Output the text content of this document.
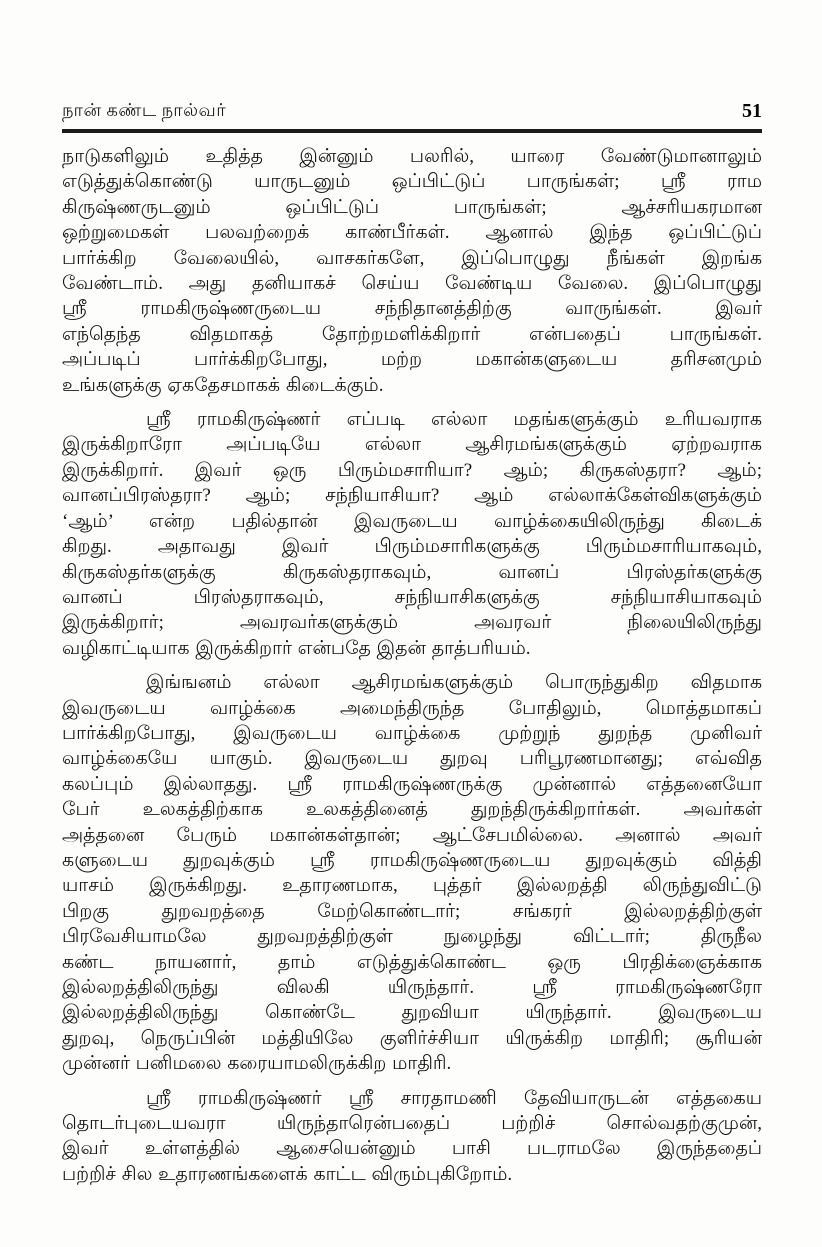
நான் கண்ட நால்வர்	51
நாடுகளிலும் உதித்த இன்னும் பலரில், யாரை வேண்டுமானாலும்
எடுத்துக்கொண்டு யாருடனும் ஒப்பிட்டுப் பாருங்கள்; ஸ்ரீ ராம
கிருஷ்ணருடனும் ஒப்பிட்டுப் பாருங்கள்; ஆச்சரியகரமான
ஒற்றுமைகள் பலவற்றைக் காண்பீர்கள். ஆனால் இந்த ஒப்பிட்டுப்
பார்க்கிற வேலையில், வாசகர்களே, இப்பொழுது நீங்கள் இறங்க
வேண்டாம். அது தனியாகச் செய்ய வேண்டிய வேலை. இப்பொழுது
ஸ்ரீ ராமகிருஷ்ணருடைய சந்நிதானத்திற்கு வாருங்கள். இவர்
எந்தெந்த விதமாகத் தோற்றமளிக்கிறார் என்பதைப் பாருங்கள்.
அப்படிப் பார்க்கிறபோது, மற்ற மகான்களுடைய தரிசனமும்
உங்களுக்கு ஏகதேசமாகக் கிடைக்கும்.
ஸ்ரீ ராமகிருஷ்ணர் எப்படி எல்லா மதங்களுக்கும் உரியவராக
இருக்கிறாரோ அப்படியே எல்லா ஆசிரமங்களுக்கும் ஏற்றவராக
இருக்கிறார். இவர் ஒரு பிரும்மசாரியா? ஆம்; கிருகஸ்தரா? ஆம்;
வானப்பிரஸ்தரா? ஆம்; சந்நியாசியா? ஆம் எல்லாக்கேள்விகளுக்கும்
‘ஆம்’ என்ற பதில்தான் இவருடைய வாழ்க்கையிலிருந்து கிடைக்
கிறது. அதாவது இவர் பிரும்மசாரிகளுக்கு பிரும்மசாரியாகவும்,
கிருகஸ்தர்களுக்கு கிருகஸ்தராகவும், வானப் பிரஸ்தர்களுக்கு
வானப் பிரஸ்தராகவும், சந்நியாசிகளுக்கு சந்நியாசியாகவும்
இருக்கிறார்; அவரவர்களுக்கும் அவரவர் நிலையிலிருந்து
வழிகாட்டியாக இருக்கிறார் என்பதே இதன் தாத்பரியம்.
இங்ஙனம் எல்லா ஆசிரமங்களுக்கும் பொருந்துகிற விதமாக
இவருடைய வாழ்க்கை அமைந்திருந்த போதிலும், மொத்தமாகப்
பார்க்கிறபோது, இவருடைய வாழ்க்கை முற்றுந் துறந்த முனிவர்
வாழ்க்கையே யாகும். இவருடைய துறவு பரிபூரணமானது; எவ்வித
கலப்பும் இல்லாதது. ஸ்ரீ ராமகிருஷ்ணருக்கு முன்னால் எத்தனையோ
பேர் உலகத்திற்காக உலகத்தினைத் துறந்திருக்கிறார்கள். அவர்கள்
அத்தனை பேரும் மகான்கள்தான்; ஆட்சேபமில்லை. அனால் அவர்
களுடைய துறவுக்கும் ஸ்ரீ ராமகிருஷ்ணருடைய துறவுக்கும் வித்தி
யாசம் இருக்கிறது. உதாரணமாக, புத்தர் இல்லறத்தி லிருந்துவிட்டு
பிறகு துறவறத்தை மேற்கொண்டார்; சங்கரர் இல்லறத்திற்குள்
பிரவேசியாமலே துறவறத்திற்குள் நுழைந்து விட்டார்; திருநீல
கண்ட நாயனார், தாம் எடுத்துக்கொண்ட ஒரு பிரதிக்ஞைக்காக
இல்லறத்திலிருந்து விலகி யிருந்தார். ஸ்ரீ ராமகிருஷ்ணரோ
இல்லறத்திலிருந்து கொண்டே துறவியா யிருந்தார். இவருடைய
துறவு, நெருப்பின் மத்தியிலே குளிர்ச்சியா யிருக்கிற மாதிரி; சூரியன்
முன்னர் பனிமலை கரையாமலிருக்கிற மாதிரி.
ஸ்ரீ ராமகிருஷ்ணர் ஸ்ரீ சாரதாமணி தேவியாருடன் எத்தகைய
தொடர்புடையவரா யிருந்தாரென்பதைப் பற்றிச் சொல்வதற்குமுன்,
இவர் உள்ளத்தில் ஆசையென்னும் பாசி படராமலே இருந்ததைப்
பற்றிச் சில உதாரணங்களைக் காட்ட விரும்புகிறோம்.
